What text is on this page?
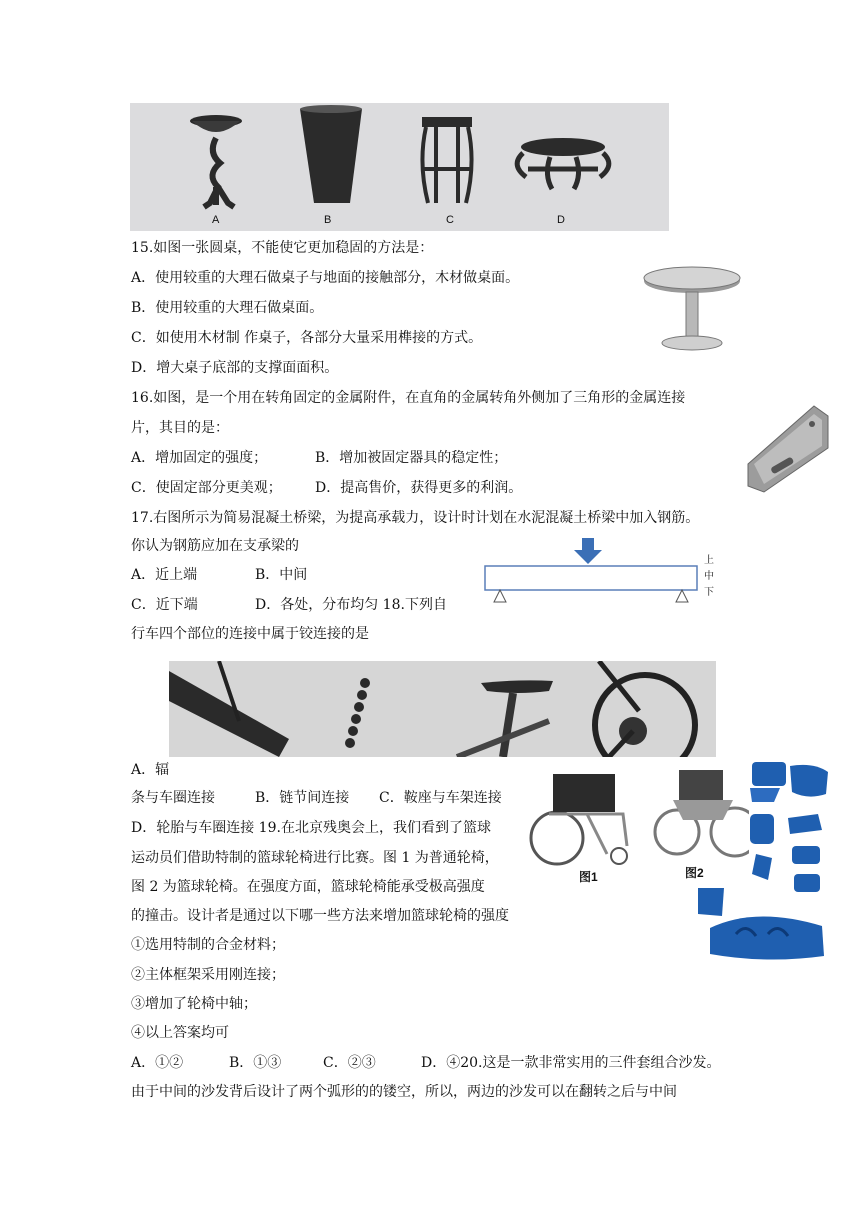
A	B	C	D
15.如图一张圆桌，不能使它更加稳固的方法是：
A．使用较重的大理石做桌子与地面的接触部分，木材做桌面。
B．使用较重的大理石做桌面。
C．如使用木材制 作桌子，各部分大量采用榫接的方式。
D．增大桌子底部的支撑面面积。
16.如图，是一个用在转角固定的金属附件，在直角的金属转角外侧加了三角形的金属连接
片，其目的是：
A．增加固定的强度；	B．增加被固定器具的稳定性；
C．使固定部分更美观； D．提高售价，获得更多的利润。
17.右图所示为简易混凝土桥梁，为提高承载力，设计时计划在水泥混凝土桥梁中加入钢筋。
你认为钢筋应加在支承梁的
A．近上端	B．中间
C．近下端	D．各处，分布均匀 18.下列自
行车四个部位的连接中属于铰连接的是
上
中
下
A．辐
条与车圈连接	B．链节间连接 C．鞍座与车架连接
D．轮胎与车圈连接 19.在北京残奥会上，我们看到了篮球
图1	图2
运动员们借助特制的篮球轮椅进行比赛。图 1 为普通轮椅，
图 2 为篮球轮椅。在强度方面，篮球轮椅能承受极高强度
的撞击。设计者是通过以下哪一些方法来增加篮球轮椅的强度
①选用特制的合金材料；
②主体框架采用刚连接；
③增加了轮椅中轴；
④以上答案均可
A．①②	B．①③	C．②③	D．④20.这是一款非常实用的三件套组合沙发。
由于中间的沙发背后设计了两个弧形的的镂空，所以，两边的沙发可以在翻转之后与中间
